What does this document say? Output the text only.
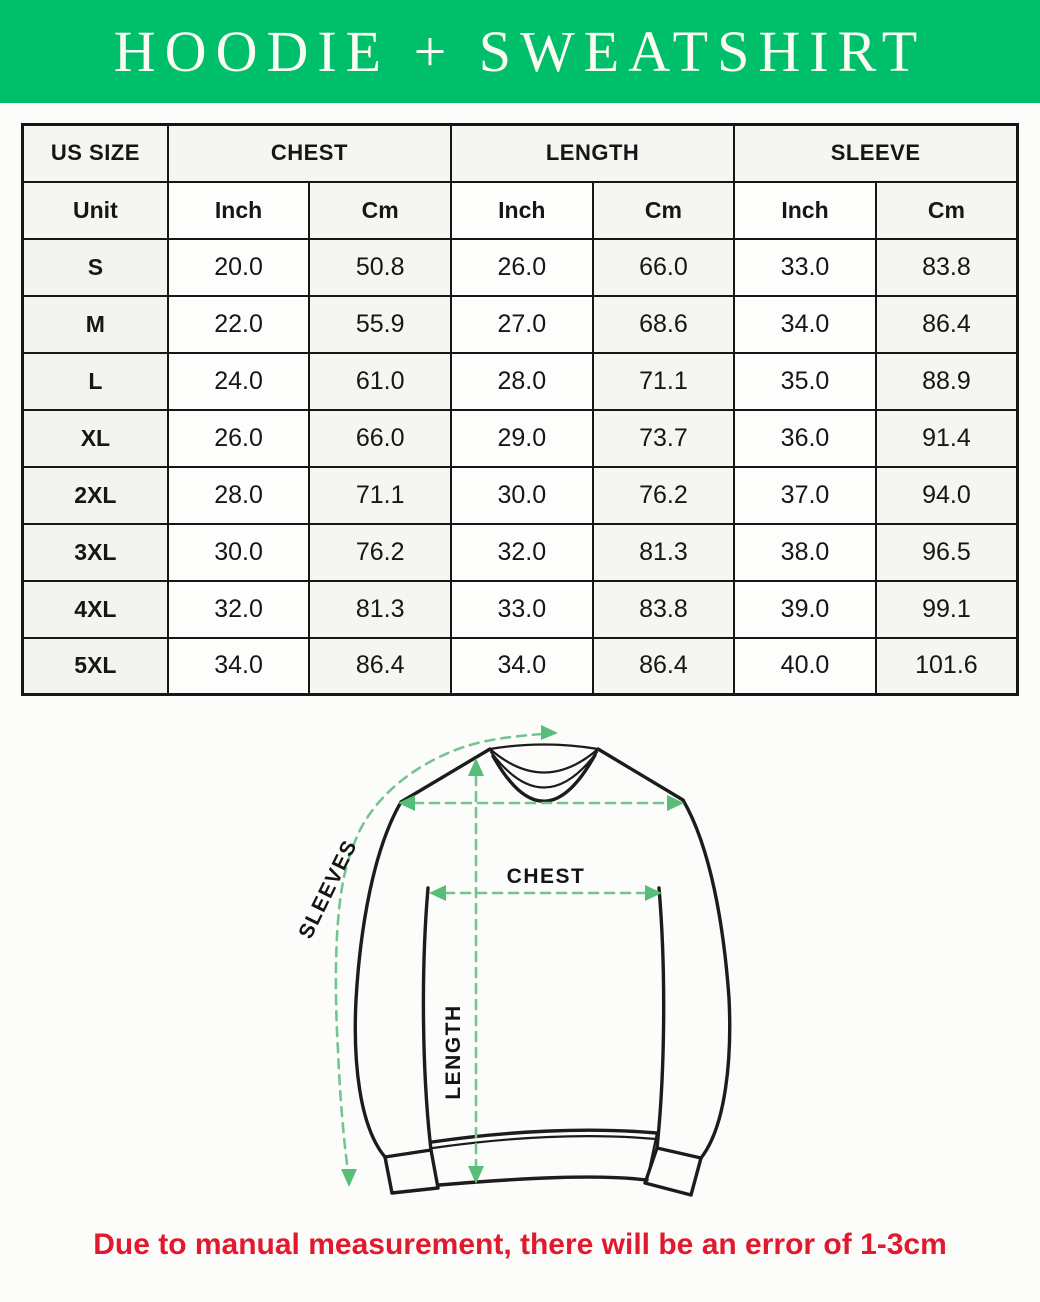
HOODIE + SWEATSHIRT
US SIZE	CHEST		LENGTH		SLEEVE	
Unit	Inch	Cm	Inch	Cm	Inch	Cm
S	20.0	50.8	26.0	66.0	33.0	83.8
M	22.0	55.9	27.0	68.6	34.0	86.4
L	24.0	61.0	28.0	71.1	35.0	88.9
XL	26.0	66.0	29.0	73.7	36.0	91.4
2XL	28.0	71.1	30.0	76.2	37.0	94.0
3XL	30.0	76.2	32.0	81.3	38.0	96.5
4XL	32.0	81.3	33.0	83.8	39.0	99.1
5XL	34.0	86.4	34.0	86.4	40.0	101.6
CHEST
LENGTH
SLEEVES
Due to manual measurement, there will be an error of 1-3cm
